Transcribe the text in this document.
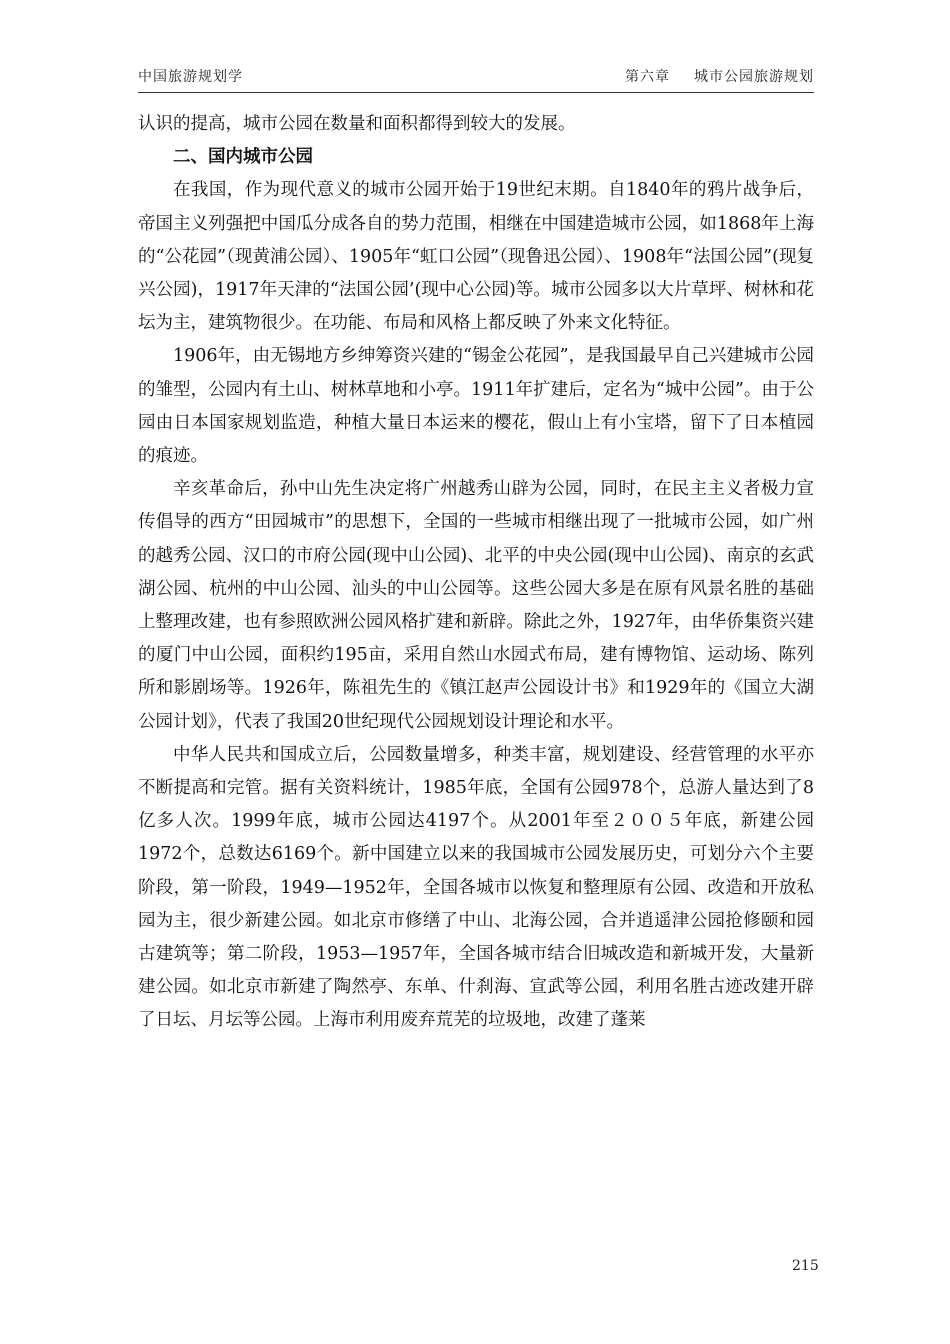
中国旅游规划学	第六章 城市公园旅游规划

认识的提高，城市公园在数量和面积都得到较大的发展。

二、国内城市公园

在我国，作为现代意义的城市公园开始于19世纪末期。自1840年的鸦片战争后，帝国主义列强把中国瓜分成各自的势力范围，相继在中国建造城市公园，如1868年上海的“公花园”（现黄浦公园）、1905年“虹口公园”（现鲁迅公园）、1908年“法国公园”(现复兴公园)，1917年天津的“法国公园’(现中心公园)等。城市公园多以大片草坪、树林和花坛为主，建筑物很少。在功能、布局和风格上都反映了外来文化特征。

1906年，由无锡地方乡绅筹资兴建的“锡金公花园”，是我国最早自己兴建城市公园的雏型，公园内有土山、树林草地和小亭。1911年扩建后，定名为“城中公园”。由于公园由日本国家规划监造，种植大量日本运来的樱花，假山上有小宝塔，留下了日本植园的痕迹。

辛亥革命后，孙中山先生决定将广州越秀山辟为公园，同时，在民主主义者极力宣传倡导的西方“田园城市”的思想下，全国的一些城市相继出现了一批城市公园，如广州的越秀公园、汉口的市府公园(现中山公园)、北平的中央公园(现中山公园)、南京的玄武湖公园、杭州的中山公园、汕头的中山公园等。这些公园大多是在原有风景名胜的基础上整理改建，也有参照欧洲公园风格扩建和新辟。除此之外，1927年，由华侨集资兴建的厦门中山公园，面积约195亩，采用自然山水园式布局，建有博物馆、运动场、陈列所和影剧场等。1926年，陈祖先生的《镇江赵声公园设计书》和1929年的《国立大湖公园计划》，代表了我国20世纪现代公园规划设计理论和水平。

中华人民共和国成立后，公园数量增多，种类丰富，规划建设、经营管理的水平亦不断提高和完管。据有关资料统计，1985年底，全国有公园978个，总游人量达到了8亿多人次。1999年底，城市公园达4197个。从2001年至２００５年底，新建公园1972个，总数达6169个。新中国建立以来的我国城市公园发展历史，可划分六个主要阶段，第一阶段，1949—1952年，全国各城市以恢复和整理原有公园、改造和开放私园为主，很少新建公园。如北京市修缮了中山、北海公园，合并逍遥津公园抢修颐和园古建筑等；第二阶段，1953—1957年，全国各城市结合旧城改造和新城开发，大量新建公园。如北京市新建了陶然亭、东单、什刹海、宣武等公园，利用名胜古迹改建开辟了日坛、月坛等公园。上海市利用废弃荒芜的垃圾地，改建了蓬莱

215
